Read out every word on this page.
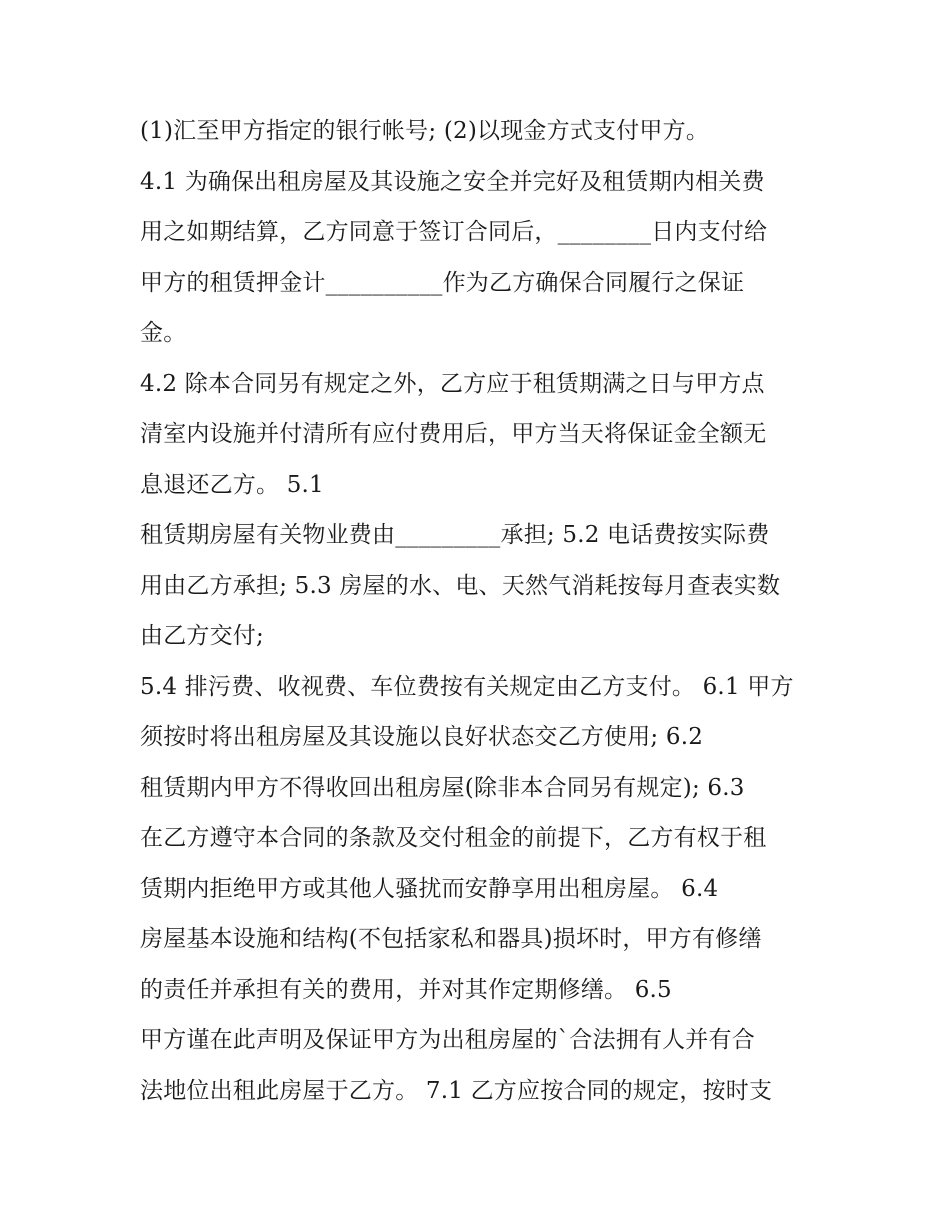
(1)汇至甲方指定的银行帐号; (2)以现金方式支付甲方。

4.1 为确保出租房屋及其设施之安全并完好及租赁期内相关费

用之如期结算，乙方同意于签订合同后，________日内支付给

甲方的租赁押金计__________作为乙方确保合同履行之保证

金。

4.2 除本合同另有规定之外，乙方应于租赁期满之日与甲方点

清室内设施并付清所有应付费用后，甲方当天将保证金全额无

息退还乙方。 5.1

租赁期房屋有关物业费由_________承担; 5.2 电话费按实际费

用由乙方承担; 5.3 房屋的水、电、天然气消耗按每月查表实数

由乙方交付;

5.4 排污费、收视费、车位费按有关规定由乙方支付。 6.1 甲方

须按时将出租房屋及其设施以良好状态交乙方使用; 6.2

租赁期内甲方不得收回出租房屋(除非本合同另有规定); 6.3

在乙方遵守本合同的条款及交付租金的前提下，乙方有权于租

赁期内拒绝甲方或其他人骚扰而安静享用出租房屋。 6.4

房屋基本设施和结构(不包括家私和器具)损坏时，甲方有修缮

的责任并承担有关的费用，并对其作定期修缮。 6.5

甲方谨在此声明及保证甲方为出租房屋的`合法拥有人并有合

法地位出租此房屋于乙方。 7.1 乙方应按合同的规定，按时支
